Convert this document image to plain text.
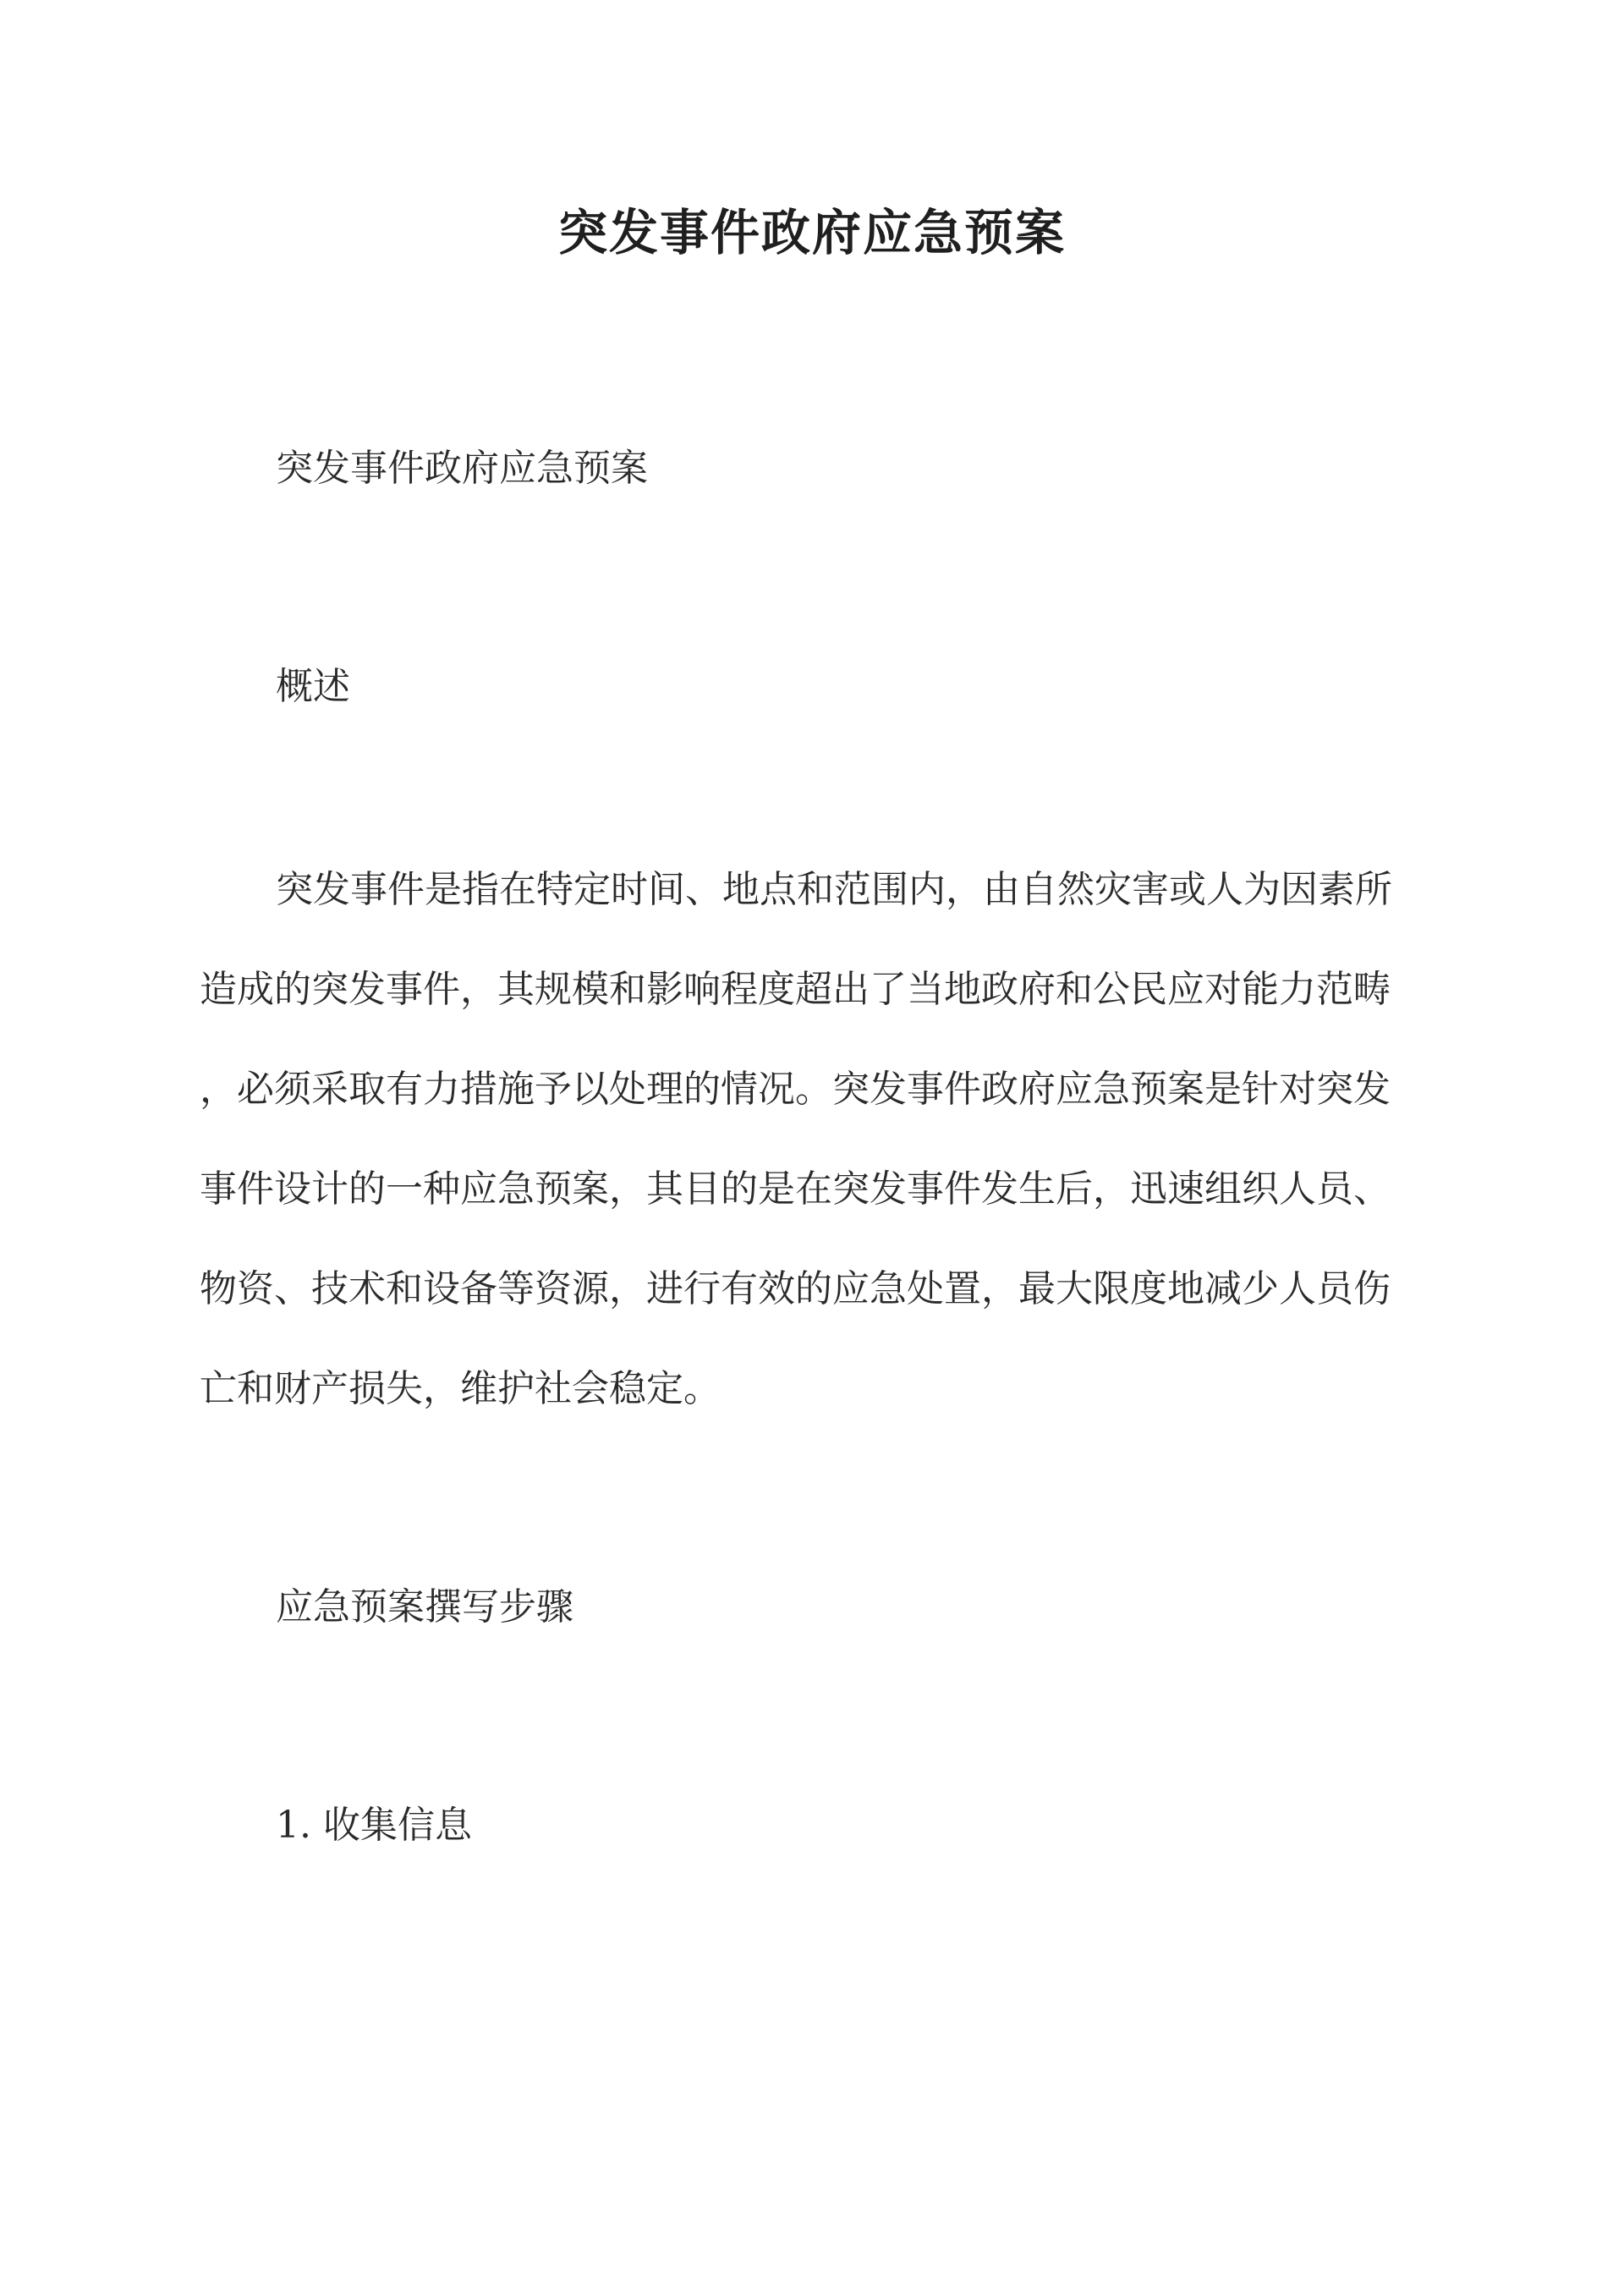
突发事件政府应急预案

突发事件政府应急预案

概述

突发事件是指在特定时间、地点和范围内，由自然灾害或人为因素所
造成的突发事件，其规模和影响程度超出了当地政府和公民应对能力范畴
，必须采取有力措施予以处理的情况。突发事件政府应急预案是针对突发
事件设计的一种应急预案，其目的是在突发事件发生后，迅速组织人员、
物资、技术和设备等资源，进行有效的应急处置，最大限度地减少人员伤
亡和财产损失，维护社会稳定。

应急预案撰写步骤

1. 收集信息
